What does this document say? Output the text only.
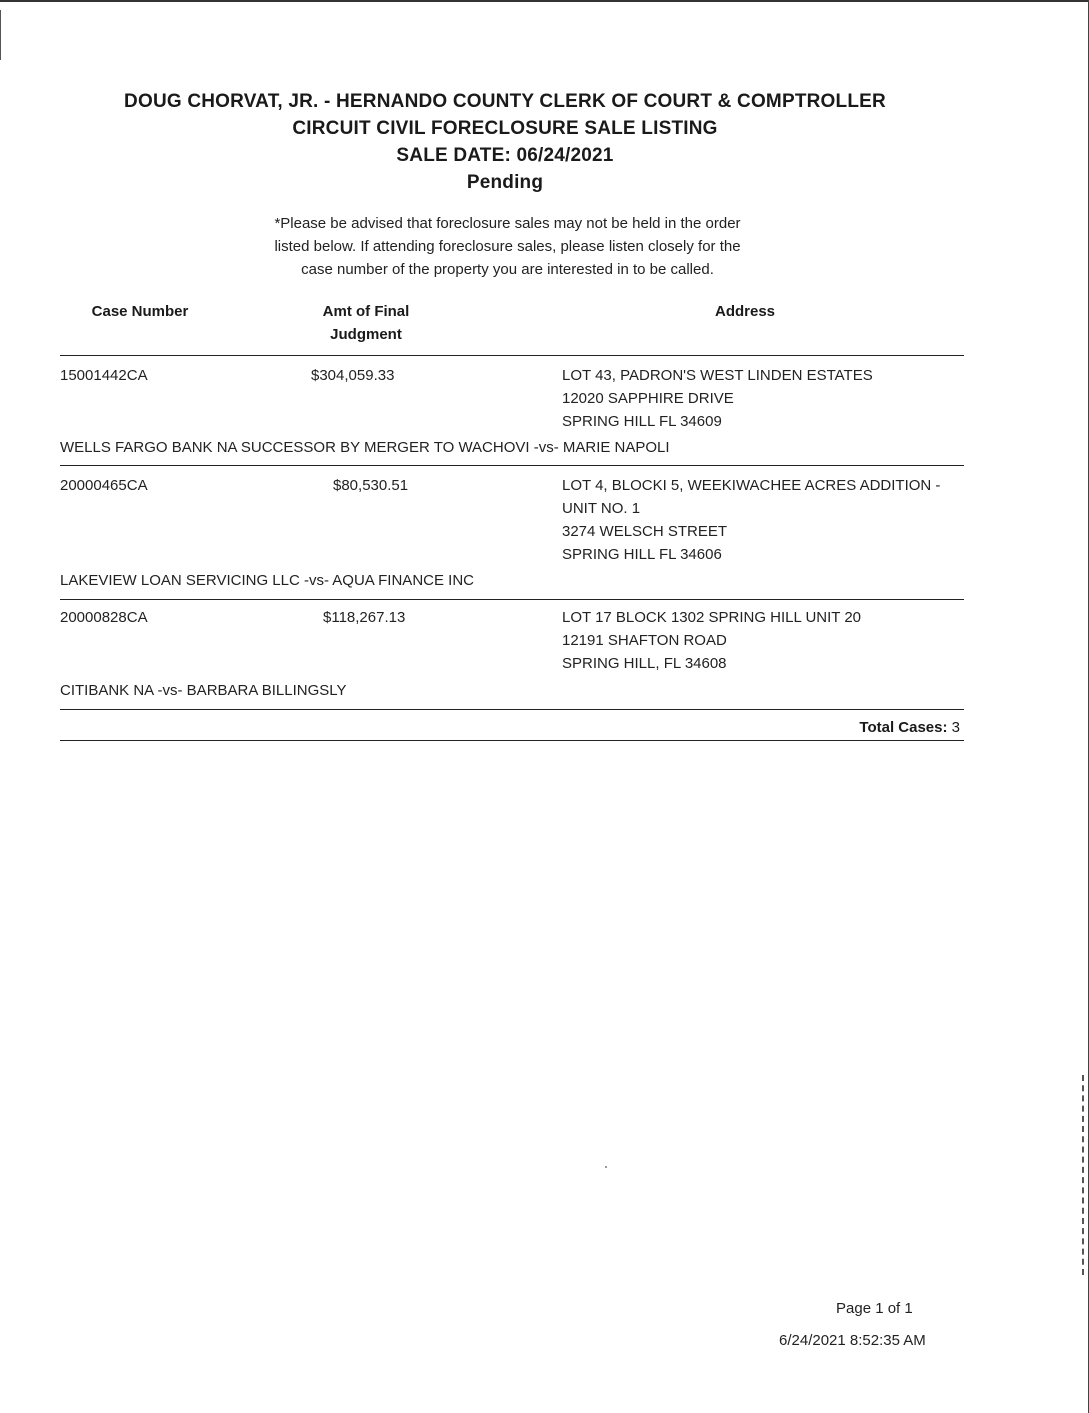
DOUG CHORVAT, JR. - HERNANDO COUNTY CLERK OF COURT & COMPTROLLER
CIRCUIT CIVIL FORECLOSURE SALE LISTING
SALE DATE: 06/24/2021
Pending
*Please be advised that foreclosure sales may not be held in the order
listed below. If attending foreclosure sales, please listen closely for the
case number of the property you are interested in to be called.
Case Number	Amt of Final
Judgment
Address
15001442CA	$304,059.33	LOT 43, PADRON'S WEST LINDEN ESTATES
12020 SAPPHIRE DRIVE
SPRING HILL FL 34609
WELLS FARGO BANK NA SUCCESSOR BY MERGER TO WACHOVI -vs- MARIE NAPOLI
20000465CA	$80,530.51	LOT 4, BLOCKI 5, WEEKIWACHEE ACRES ADDITION -
UNIT NO. 1
3274 WELSCH STREET
SPRING HILL FL 34606
LAKEVIEW LOAN SERVICING LLC -vs- AQUA FINANCE INC
20000828CA	$118,267.13	LOT 17 BLOCK 1302 SPRING HILL UNIT 20
12191 SHAFTON ROAD
SPRING HILL, FL 34608
CITIBANK NA -vs- BARBARA BILLINGSLY
Total Cases: 3
Page 1 of 1
6/24/2021 8:52:35 AM
